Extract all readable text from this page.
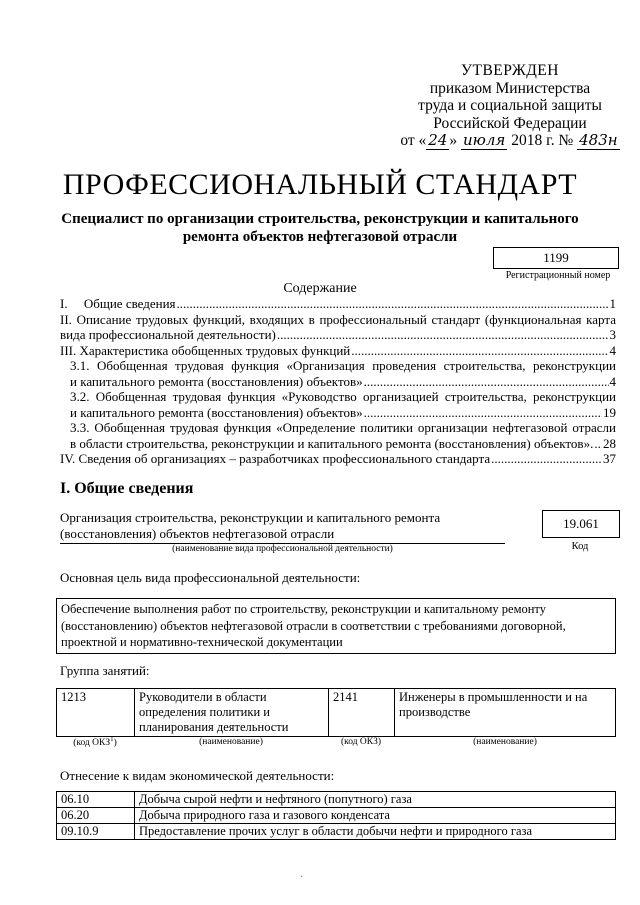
УТВЕРЖДЕН
приказом Министерства
труда и социальной защиты
Российской Федерации
от « 24 » июля 2018 г. № 483н
ПРОФЕССИОНАЛЬНЫЙ СТАНДАРТ
Специалист по организации строительства, реконструкции и капитального ремонта объектов нефтегазовой отрасли
1199
Регистрационный номер
Содержание
I.     Общие сведения .....	1
II. Описание трудовых функций, входящих в профессиональный стандарт (функциональная карта
вида профессиональной деятельности) .....	3
III. Характеристика обобщенных трудовых функций .....	4
3.1. Обобщенная трудовая функция «Организация проведения строительства, реконструкции
и капитального ремонта (восстановления) объектов» .....	4
3.2. Обобщенная трудовая функция «Руководство организацией строительства, реконструкции
и капитального ремонта (восстановления) объектов» .....	19
3.3. Обобщенная трудовая функция «Определение политики организации нефтегазовой отрасли
в области строительства, реконструкции и капитального ремонта (восстановления) объектов». ..... 28
IV. Сведения об организациях – разработчиках профессионального стандарта .....	37
I. Общие сведения
Организация строительства, реконструкции и капитального ремонта (восстановления) объектов нефтегазовой отрасли
(наименование вида профессиональной деятельности)
19.061
Код
Основная цель вида профессиональной деятельности:
Обеспечение выполнения работ по строительству, реконструкции и капитальному ремонту (восстановлению) объектов нефтегазовой отрасли в соответствии с требованиями договорной, проектной и нормативно-технической документации
Группа занятий:
1213	Руководители в области определения политики и планирования деятельности	2141	Инженеры в промышленности и на производстве
(код ОКЗ$^1$)	(наименование)	(код ОКЗ)	(наименование)
Отнесение к видам экономической деятельности:
06.10	Добыча сырой нефти и нефтяного (попутного) газа
06.20	Добыча природного газа и газового конденсата
09.10.9	Предоставление прочих услуг в области добычи нефти и природного газа
·
